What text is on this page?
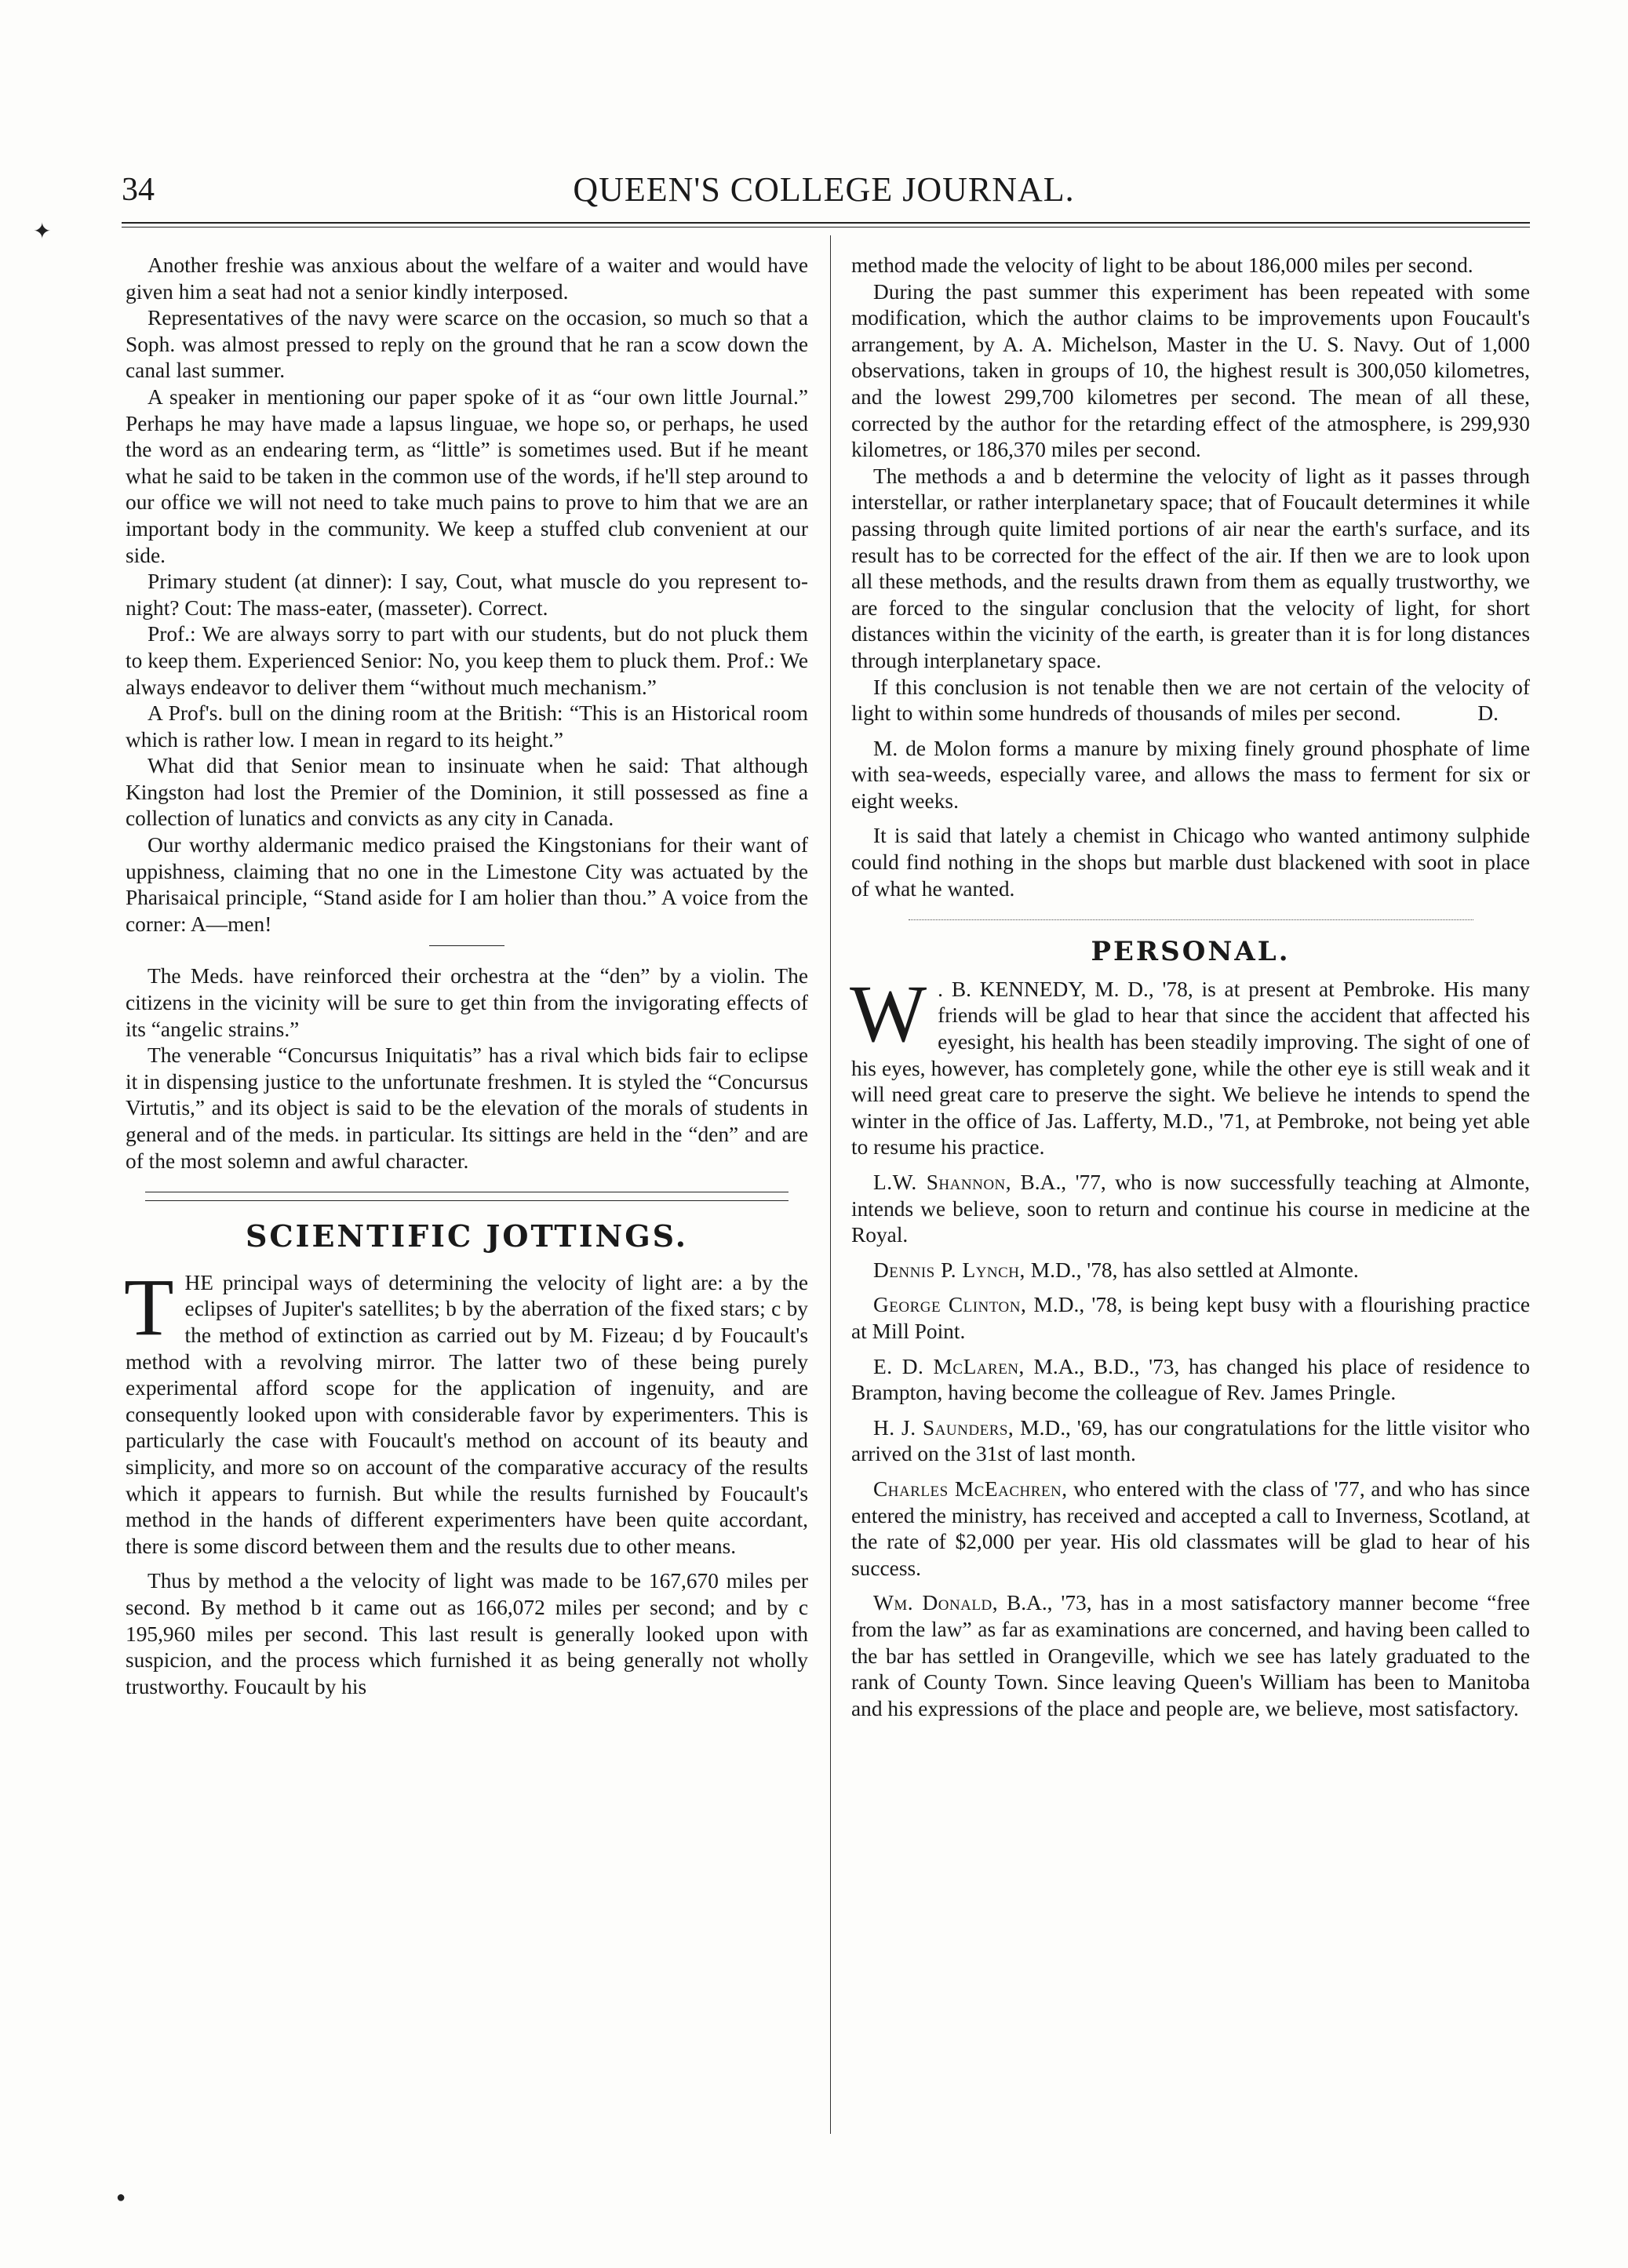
34	QUEEN'S COLLEGE JOURNAL.
✦
●

Another freshie was anxious about the welfare of a waiter and would have given him a seat had not a senior kindly interposed.

Representatives of the navy were scarce on the occasion, so much so that a Soph. was almost pressed to reply on the ground that he ran a scow down the canal last summer.

A speaker in mentioning our paper spoke of it as “our own little Journal.” Perhaps he may have made a lapsus linguae, we hope so, or perhaps, he used the word as an endearing term, as “little” is sometimes used. But if he meant what he said to be taken in the common use of the words, if he'll step around to our office we will not need to take much pains to prove to him that we are an important body in the community. We keep a stuffed club convenient at our side.

Primary student (at dinner): I say, Cout, what muscle do you represent to-night? Cout: The mass-eater, (masseter). Correct.

Prof.: We are always sorry to part with our students, but do not pluck them to keep them. Experienced Senior: No, you keep them to pluck them. Prof.: We always endeavor to deliver them “without much mechanism.”

A Prof's. bull on the dining room at the British: “This is an Historical room which is rather low. I mean in regard to its height.”

What did that Senior mean to insinuate when he said: That although Kingston had lost the Premier of the Dominion, it still possessed as fine a collection of lunatics and convicts as any city in Canada.

Our worthy aldermanic medico praised the Kingstonians for their want of uppishness, claiming that no one in the Limestone City was actuated by the Pharisaical principle, “Stand aside for I am holier than thou.” A voice from the corner: A—men!

The Meds. have reinforced their orchestra at the “den” by a violin. The citizens in the vicinity will be sure to get thin from the invigorating effects of its “angelic strains.”

The venerable “Concursus Iniquitatis” has a rival which bids fair to eclipse it in dispensing justice to the unfortunate freshmen. It is styled the “Concursus Virtutis,” and its object is said to be the elevation of the morals of students in general and of the meds. in particular. Its sittings are held in the “den” and are of the most solemn and awful character.

SCIENTIFIC JOTTINGS.

THE principal ways of determining the velocity of light are: a by the eclipses of Jupiter's satellites; b by the aberration of the fixed stars; c by the method of extinction as carried out by M. Fizeau; d by Foucault's method with a revolving mirror. The latter two of these being purely experimental afford scope for the application of ingenuity, and are consequently looked upon with considerable favor by experimenters. This is particularly the case with Foucault's method on account of its beauty and simplicity, and more so on account of the comparative accuracy of the results which it appears to furnish. But while the results furnished by Foucault's method in the hands of different experimenters have been quite accordant, there is some discord between them and the results due to other means.

Thus by method a the velocity of light was made to be 167,670 miles per second. By method b it came out as 166,072 miles per second; and by c 195,960 miles per second. This last result is generally looked upon with suspicion, and the process which furnished it as being generally not wholly trustworthy. Foucault by his

method made the velocity of light to be about 186,000 miles per second.

During the past summer this experiment has been repeated with some modification, which the author claims to be improvements upon Foucault's arrangement, by A. A. Michelson, Master in the U. S. Navy. Out of 1,000 observations, taken in groups of 10, the highest result is 300,050 kilometres, and the lowest 299,700 kilometres per second. The mean of all these, corrected by the author for the retarding effect of the atmosphere, is 299,930 kilometres, or 186,370 miles per second.

The methods a and b determine the velocity of light as it passes through interstellar, or rather interplanetary space; that of Foucault determines it while passing through quite limited portions of air near the earth's surface, and its result has to be corrected for the effect of the air. If then we are to look upon all these methods, and the results drawn from them as equally trustworthy, we are forced to the singular conclusion that the velocity of light, for short distances within the vicinity of the earth, is greater than it is for long distances through interplanetary space.

If this conclusion is not tenable then we are not certain of the velocity of light to within some hundreds of thousands of miles per second.	D.

M. de Molon forms a manure by mixing finely ground phosphate of lime with sea-weeds, especially varee, and allows the mass to ferment for six or eight weeks.

It is said that lately a chemist in Chicago who wanted antimony sulphide could find nothing in the shops but marble dust blackened with soot in place of what he wanted.

PERSONAL.

W . B. KENNEDY, M. D., '78, is at present at Pembroke. His many friends will be glad to hear that since the accident that affected his eyesight, his health has been steadily improving. The sight of one of his eyes, however, has completely gone, while the other eye is still weak and it will need great care to preserve the sight. We believe he intends to spend the winter in the office of Jas. Lafferty, M.D., '71, at Pembroke, not being yet able to resume his practice.

L.W. Shannon, B.A., '77, who is now successfully teaching at Almonte, intends we believe, soon to return and continue his course in medicine at the Royal.

Dennis P. Lynch, M.D., '78, has also settled at Almonte.

George Clinton, M.D., '78, is being kept busy with a flourishing practice at Mill Point.

E. D. McLaren, M.A., B.D., '73, has changed his place of residence to Brampton, having become the colleague of Rev. James Pringle.

H. J. Saunders, M.D., '69, has our congratulations for the little visitor who arrived on the 31st of last month.

Charles McEachren, who entered with the class of '77, and who has since entered the ministry, has received and accepted a call to Inverness, Scotland, at the rate of $2,000 per year. His old classmates will be glad to hear of his success.

Wm. Donald, B.A., '73, has in a most satisfactory manner become “free from the law” as far as examinations are concerned, and having been called to the bar has settled in Orangeville, which we see has lately graduated to the rank of County Town. Since leaving Queen's William has been to Manitoba and his expressions of the place and people are, we believe, most satisfactory.
